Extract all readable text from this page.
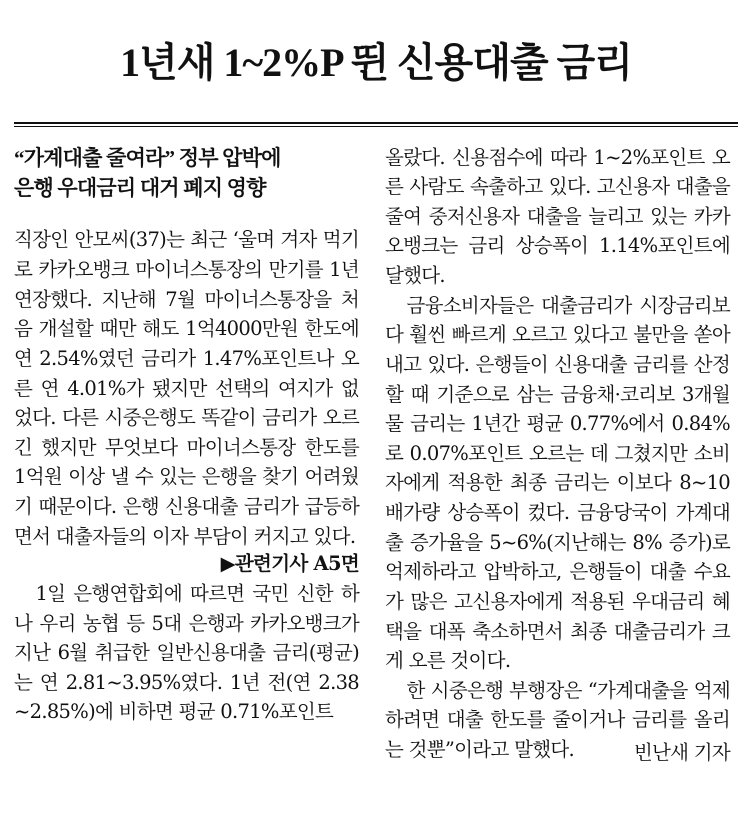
1년새 1~2%P 뛴 신용대출 금리
“가계대출 줄여라” 정부 압박에
은행 우대금리 대거 폐지 영향

직장인 안모씨(37)는 최근 ‘울며 겨자 먹기로 카카오뱅크 마이너스통장의 만기를 1년 연장했다. 지난해 7월 마이너스통장을 처음 개설할 때만 해도 1억4000만원 한도에 연 2.54%였던 금리가 1.47%포인트나 오른 연 4.01%가 됐지만 선택의 여지가 없었다. 다른 시중은행도 똑같이 금리가 오르긴 했지만 무엇보다 마이너스통장 한도를 1억원 이상 낼 수 있는 은행을 찾기 어려웠기 때문이다. 은행 신용대출 금리가 급등하면서 대출자들의 이자 부담이 커지고 있다.

▶관련기사 A5면

1일 은행연합회에 따르면 국민 신한 하나 우리 농협 등 5대 은행과 카카오뱅크가 지난 6월 취급한 일반신용대출 금리(평균)는 연 2.81~3.95%였다. 1년 전(연 2.38~2.85%)에 비하면 평균 0.71%포인트

올랐다. 신용점수에 따라 1~2%포인트 오른 사람도 속출하고 있다. 고신용자 대출을 줄여 중저신용자 대출을 늘리고 있는 카카오뱅크는 금리 상승폭이 1.14%포인트에 달했다.

금융소비자들은 대출금리가 시장금리보다 훨씬 빠르게 오르고 있다고 불만을 쏟아내고 있다. 은행들이 신용대출 금리를 산정할 때 기준으로 삼는 금융채·코리보 3개월물 금리는 1년간 평균 0.77%에서 0.84%로 0.07%포인트 오르는 데 그쳤지만 소비자에게 적용한 최종 금리는 이보다 8~10배가량 상승폭이 컸다. 금융당국이 가계대출 증가율을 5~6%(지난해는 8% 증가)로 억제하라고 압박하고, 은행들이 대출 수요가 많은 고신용자에게 적용된 우대금리 혜택을 대폭 축소하면서 최종 대출금리가 크게 오른 것이다.

한 시중은행 부행장은 “가계대출을 억제하려면 대출 한도를 줄이거나 금리를 올리는 것뿐”이라고 말했다.	빈난새 기자
